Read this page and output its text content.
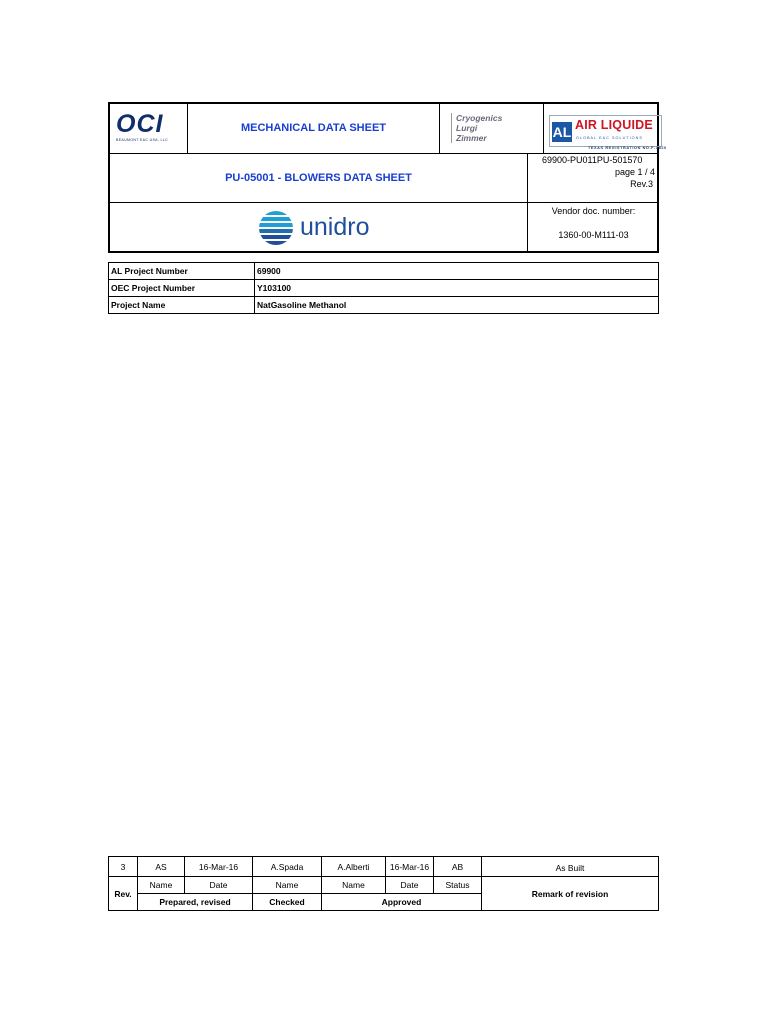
OCI
BEAUMONT E&C USA, LLC
MECHANICAL DATA SHEET
Cryogenics
Lurgi
Zimmer	AL AIR LIQUIDE
GLOBAL E&C SOLUTIONS
TEXAS REGISTRATION NO.F-3820
PU-05001 - BLOWERS DATA SHEET
69900-PU011PU-501570
page 1 / 4
Rev.3
unidro
Vendor doc. number:
1360-00-M111-03
AL Project Number	69900
OEC Project Number	Y103100
Project Name	NatGasoline Methanol
3	AS	16-Mar-16	A.Spada	A.Alberti	16-Mar-16	AB	As Built
Rev.	Name	Date	Name	Name	Date	Status	Remark of revision
	Prepared, revised		Checked	Approved			
